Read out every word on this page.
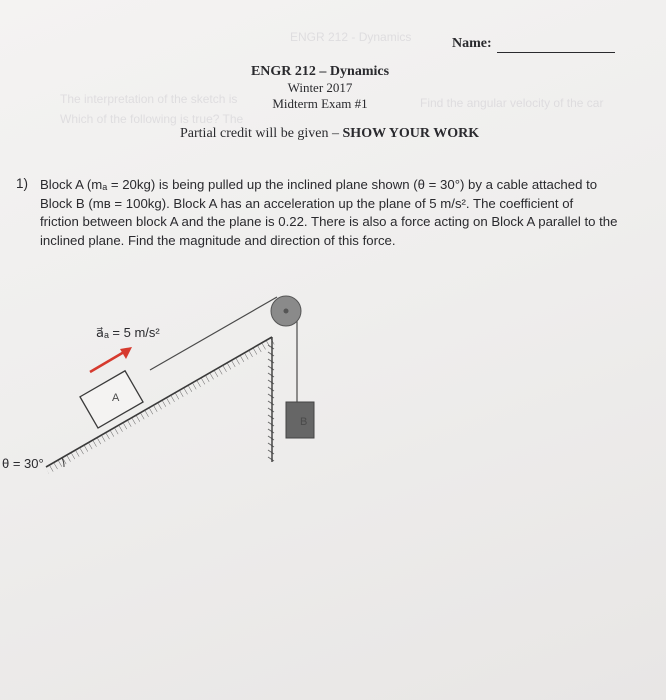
ENGR 212 - Dynamics
The interpretation of the sketch is	Find the angular velocity of the car
Which of the following is true? The
Name:
ENGR 212 – Dynamics
Winter 2017
Midterm Exam #1
Partial credit will be given – SHOW YOUR WORK
1) Block A (mₐ = 20kg) is being pulled up the inclined plane shown (θ = 30°) by a cable attached to
Block B (mʙ = 100kg). Block A has an acceleration up the plane of 5 m/s². The coefficient of
friction between block A and the plane is 0.22. There is also a force acting on Block A parallel to the
inclined plane. Find the magnitude and direction of this force.
a⃗ₐ = 5 m/s²
A
B
θ = 30°
